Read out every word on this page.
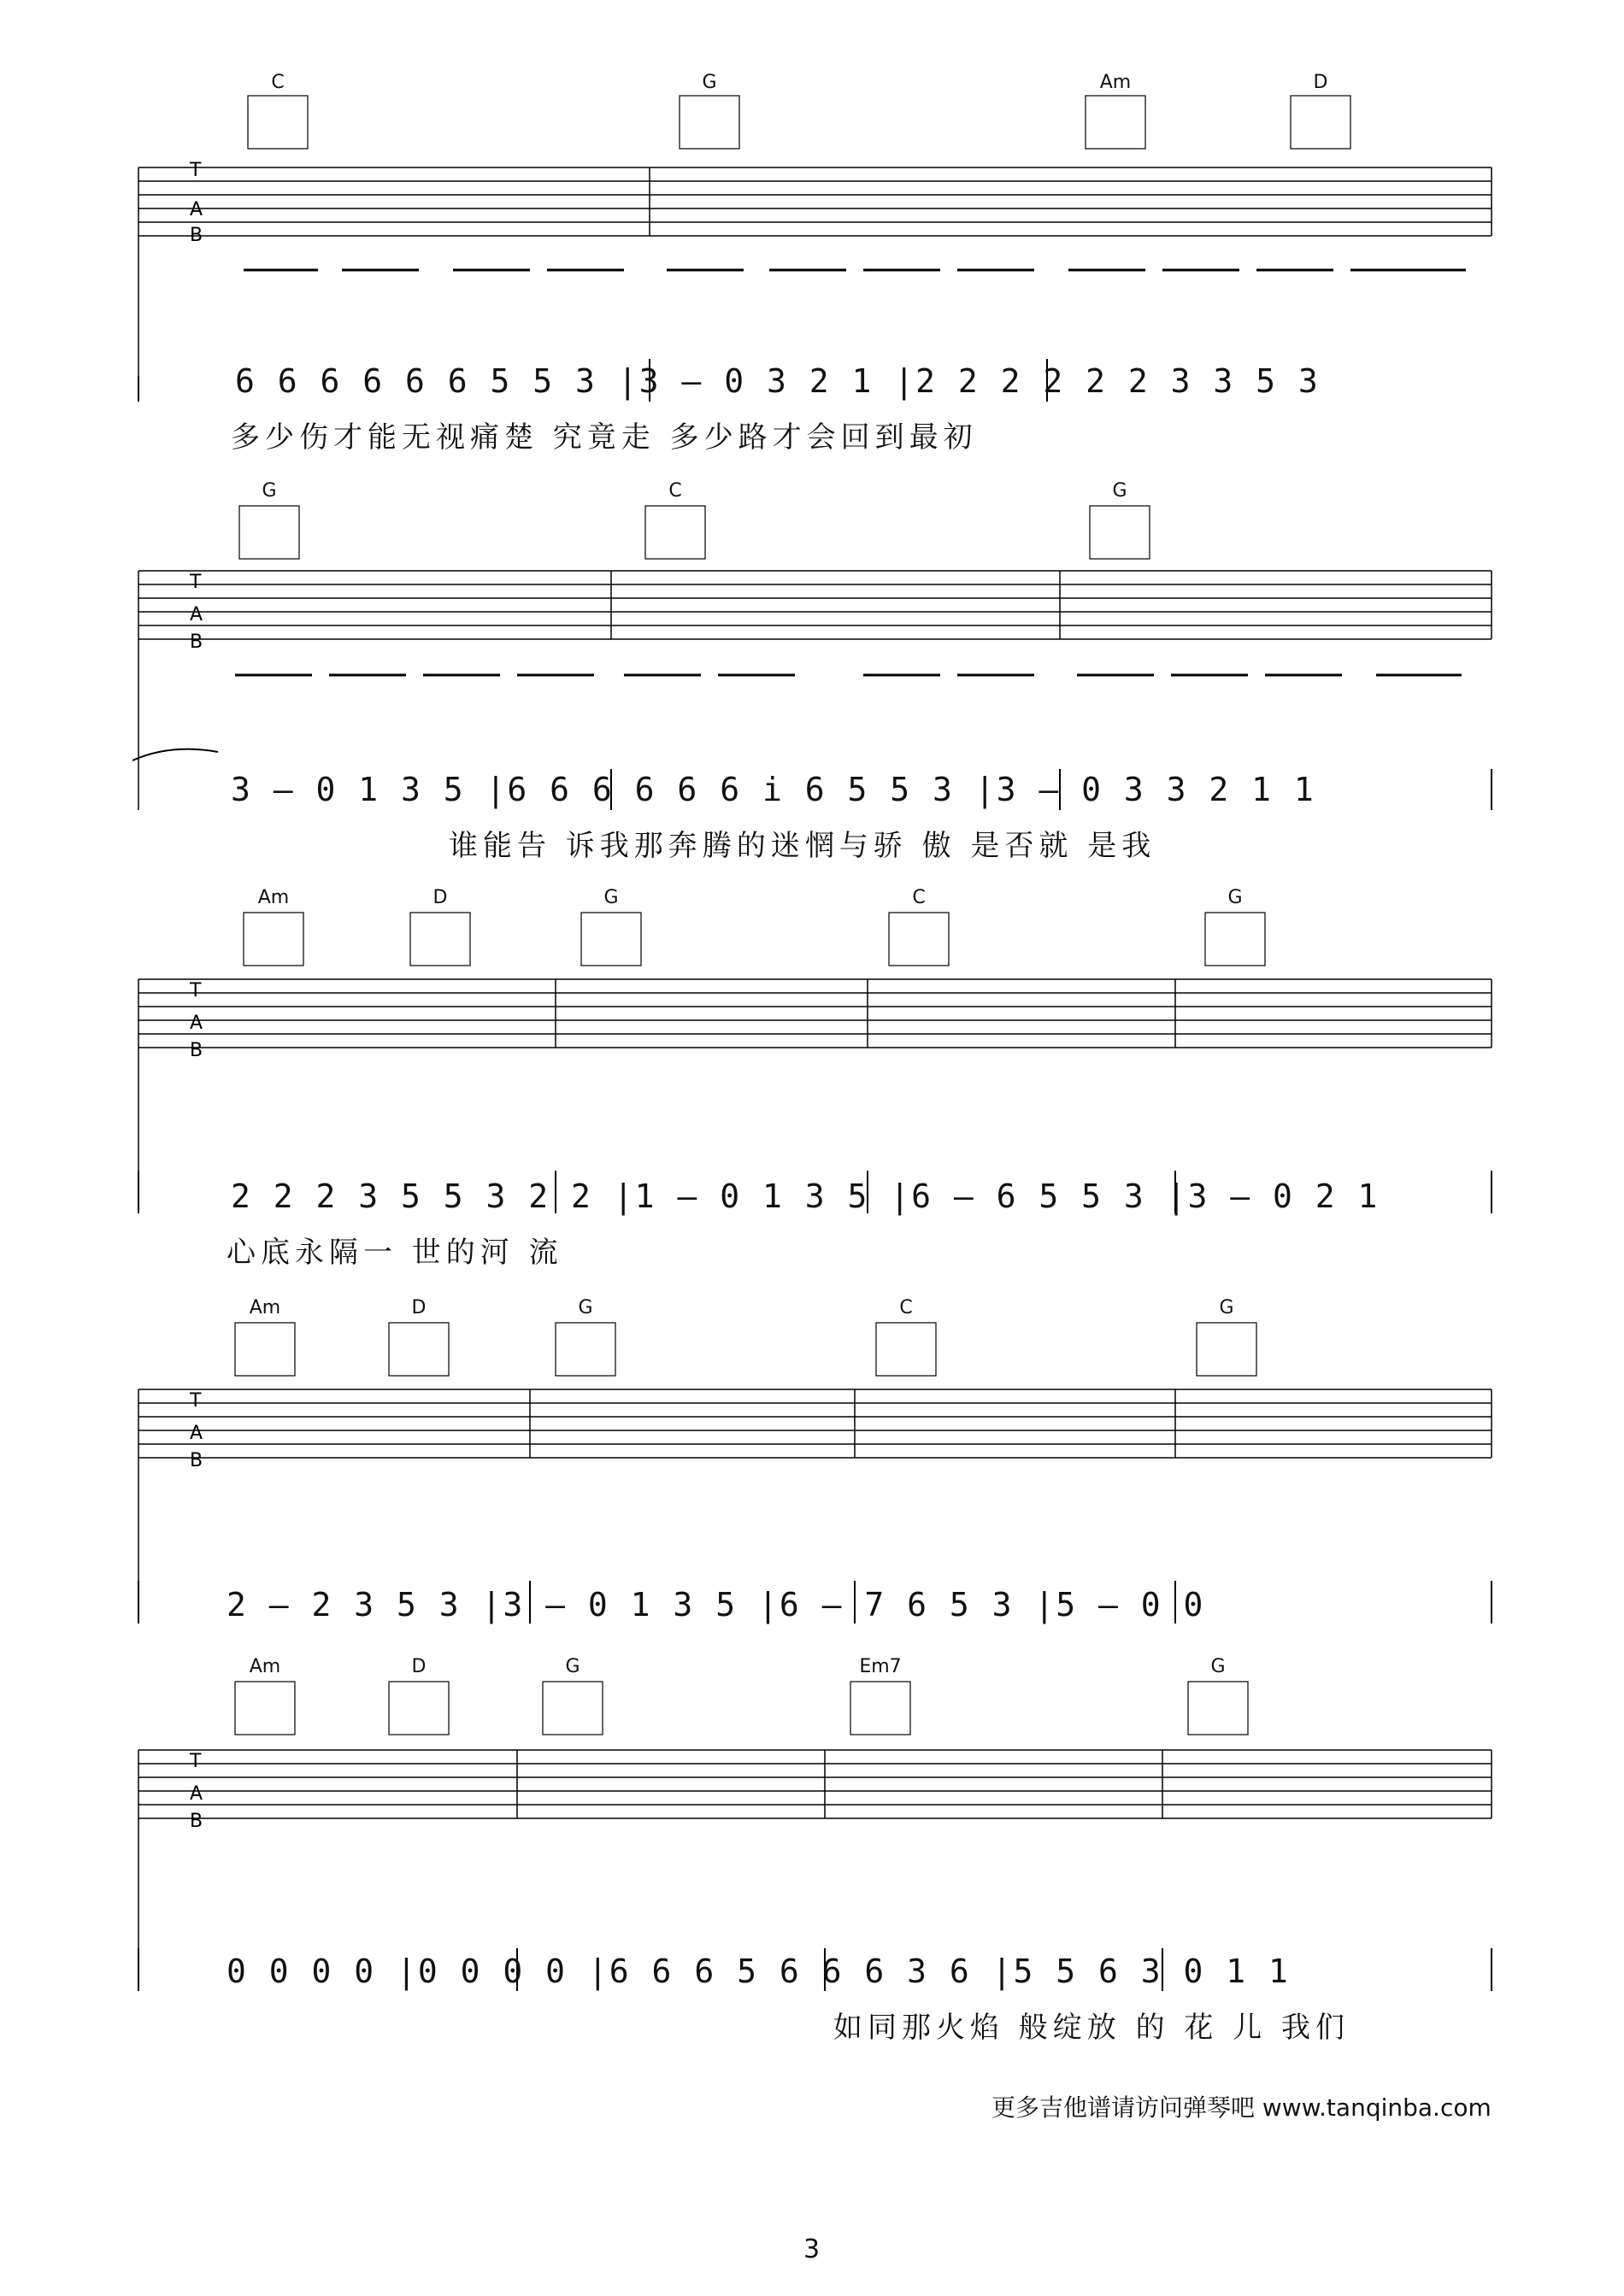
T
A
B
C	G	Am	D
6 6 6 6 6 6 5 5 3 |3 – 0 3 2 1 |2 2 2 2 2 2 3 3 5 3
多少伤才能无视痛楚 究竟走 多少路才会回到最初
T
A
B
G	C	G
3 – 0 1 3 5 |6 6 6 6 6 6 i 6 5 5 3 |3 – 0 3 3 2 1 1
谁能告 诉我那奔腾的迷惘与骄 傲 是否就 是我
T
A
B
Am	D	G	C	G
2 2 2 3 5 5 3 2 2 |1 – 0 1 3 5 |6 – 6 5 5 3 |3 – 0 2 1
心底永隔一 世的河 流
T
A
B
Am	D	G	C	G
2 – 2 3 5 3 |3 – 0 1 3 5 |6 – 7 6 5 3 |5 – 0 0
T
A
B
Am	D	G	Em7	G
0 0 0 0 |0 0 0 0 |6 6 6 5 6 6 6 3 6 |5 5 6 3 0 1 1
如同那火焰 般绽放 的 花 儿 我们
更多吉他谱请访问弹琴吧 www.tanqinba.com
3
